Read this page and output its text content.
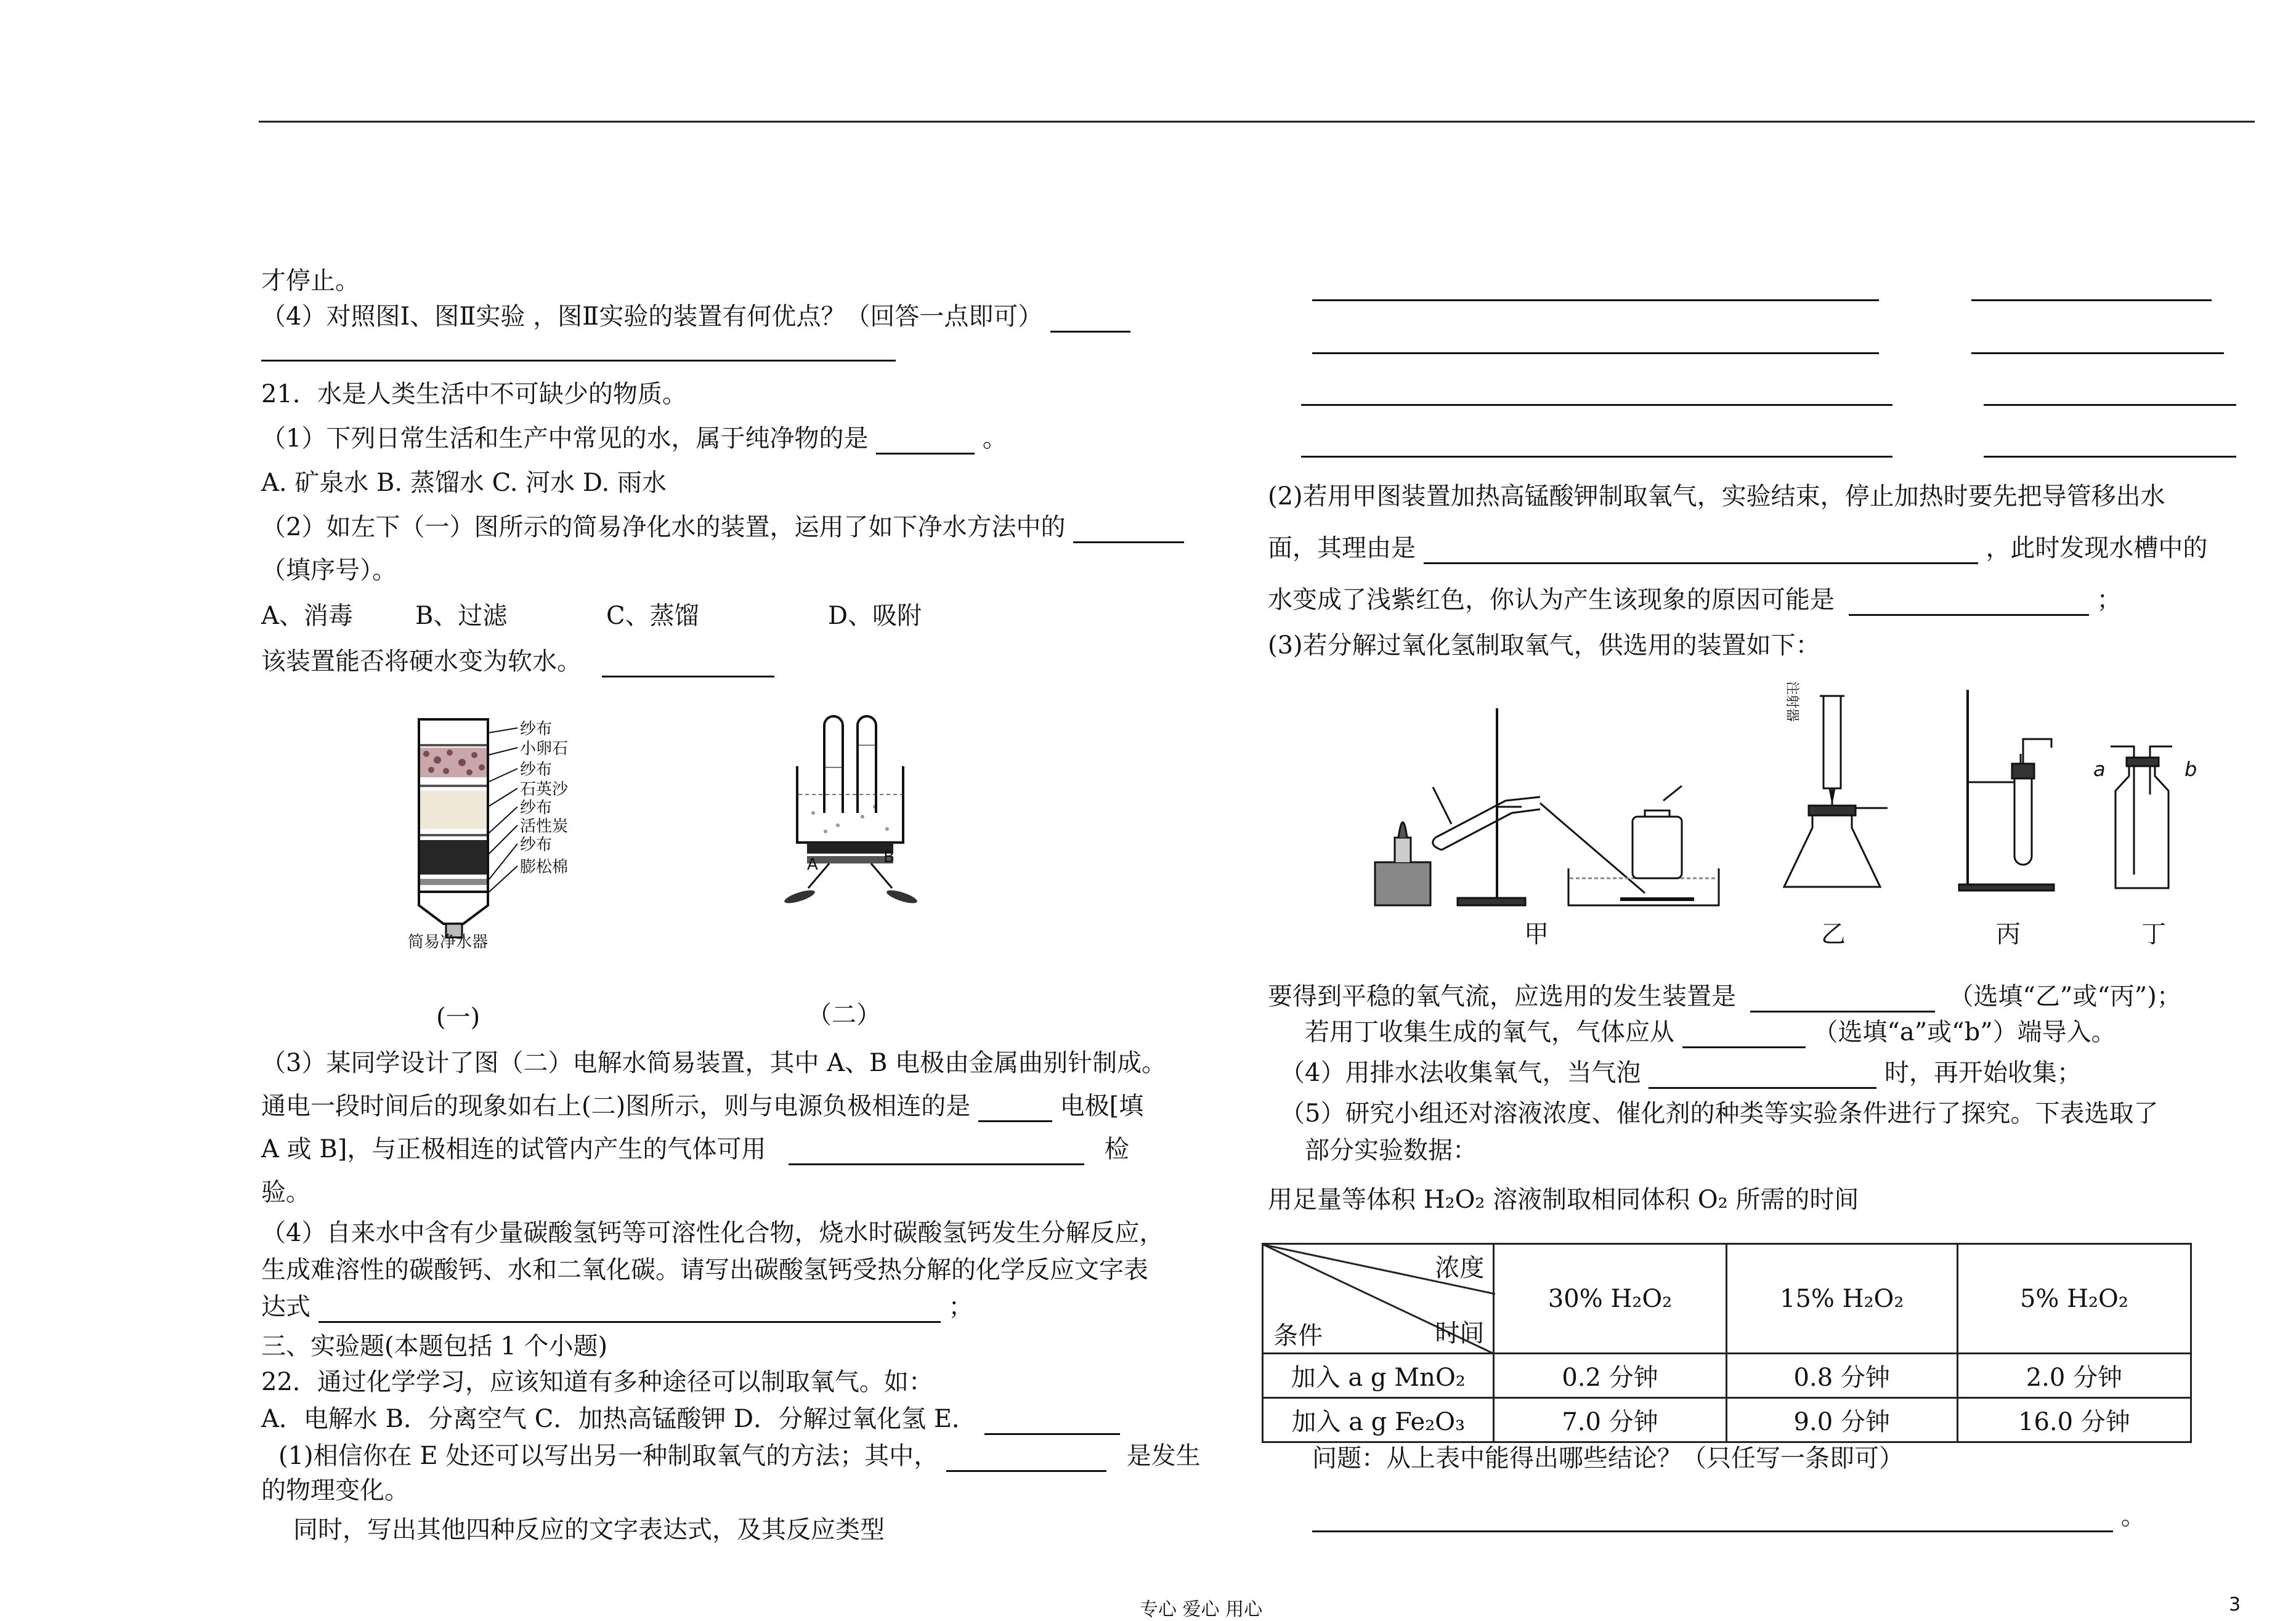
才停止。
（4）对照图Ⅰ、图Ⅱ实验 ，图Ⅱ实验的装置有何优点？（回答一点即可）
21．水是人类生活中不可缺少的物质。
（1）下列日常生活和生产中常见的水，属于纯净物的是	。
A. 矿泉水 B. 蒸馏水 C. 河水 D. 雨水
（2）如左下（一）图所示的简易净化水的装置，运用了如下净水方法中的
（填序号）。
A、消毒	B、过滤	C、蒸馏	D、吸附
该装置能否将硬水变为软水。
纱布
小卵石
纱布
石英沙
纱布
活性炭
纱布
膨松棉
简易净水器
A	B
(一)	（二）
（3）某同学设计了图（二）电解水简易装置，其中 A、B 电极由金属曲别针制成。
通电一段时间后的现象如右上(二)图所示，则与电源负极相连的是	电极[填
A 或 B]，与正极相连的试管内产生的气体可用	检
验。
（4）自来水中含有少量碳酸氢钙等可溶性化合物，烧水时碳酸氢钙发生分解反应，
生成难溶性的碳酸钙、水和二氧化碳。请写出碳酸氢钙受热分解的化学反应文字表
达式	；
三、实验题(本题包括 1 个小题)
22．通过化学学习，应该知道有多种途径可以制取氧气。如：
A．电解水 B．分离空气 C．加热高锰酸钾 D．分解过氧化氢 E．
(1)相信你在 E 处还可以写出另一种制取氧气的方法；其中，	是发生
的物理变化。
同时，写出其他四种反应的文字表达式，及其反应类型
(2)若用甲图装置加热高锰酸钾制取氧气，实验结束，停止加热时要先把导管移出水
面，其理由是	，此时发现水槽中的
水变成了浅紫红色，你认为产生该现象的原因可能是	；
(3)若分解过氧化氢制取氧气，供选用的装置如下：
注射器
a	b
甲	乙	丙	丁
要得到平稳的氧气流，应选用的发生装置是	（选填“乙”或“丙”)；
若用丁收集生成的氧气，气体应从	（选填“a”或“b”）端导入。
（4）用排水法收集氧气，当气泡	时，再开始收集；
（5）研究小组还对溶液浓度、催化剂的种类等实验条件进行了探究。下表选取了
部分实验数据：
用足量等体积 H₂O₂ 溶液制取相同体积 O₂ 所需的时间
浓度
时间
条件	30% H₂O₂	15% H₂O₂	5% H₂O₂
加入 a g MnO₂	0.2 分钟	0.8 分钟	2.0 分钟
加入 a g Fe₂O₃	7.0 分钟	9.0 分钟	16.0 分钟
问题：从上表中能得出哪些结论？（只任写一条即可）
。
专心 爱心 用心	3
